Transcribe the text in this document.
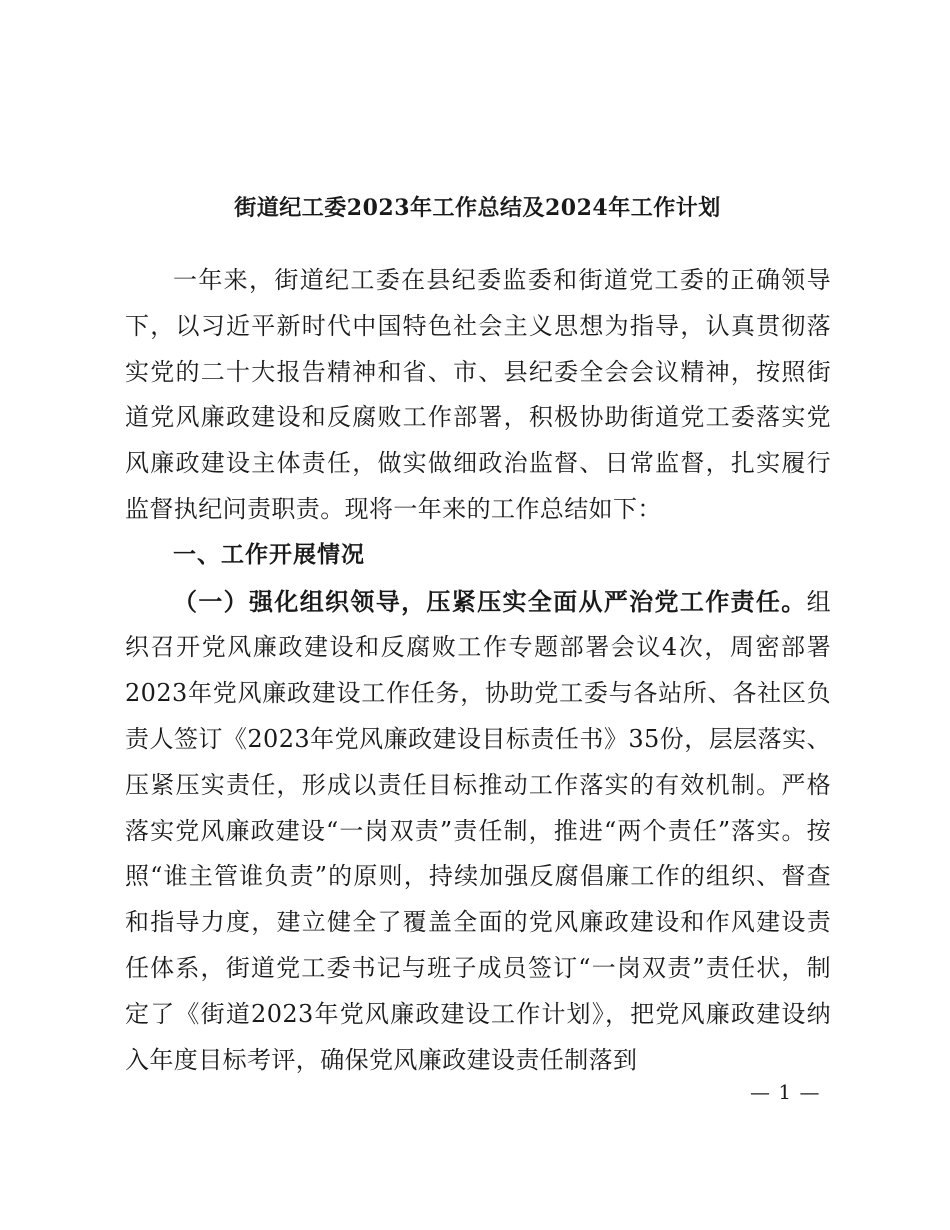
街道纪工委2023年工作总结及2024年工作计划

一年来，街道纪工委在县纪委监委和街道党工委的正确领导下，以习近平新时代中国特色社会主义思想为指导，认真贯彻落实党的二十大报告精神和省、市、县纪委全会会议精神，按照街道党风廉政建设和反腐败工作部署，积极协助街道党工委落实党风廉政建设主体责任，做实做细政治监督、日常监督，扎实履行监督执纪问责职责。现将一年来的工作总结如下：

一、工作开展情况

（一）强化组织领导，压紧压实全面从严治党工作责任。组织召开党风廉政建设和反腐败工作专题部署会议4次，周密部署2023年党风廉政建设工作任务，协助党工委与各站所、各社区负责人签订《2023年党风廉政建设目标责任书》35份，层层落实、压紧压实责任，形成以责任目标推动工作落实的有效机制。严格落实党风廉政建设“一岗双责”责任制，推进“两个责任”落实。按照“谁主管谁负责”的原则，持续加强反腐倡廉工作的组织、督查和指导力度，建立健全了覆盖全面的党风廉政建设和作风建设责任体系，街道党工委书记与班子成员签订“一岗双责”责任状，制定了《街道2023年党风廉政建设工作计划》，把党风廉政建设纳入年度目标考评，确保党风廉政建设责任制落到

— 1 —
